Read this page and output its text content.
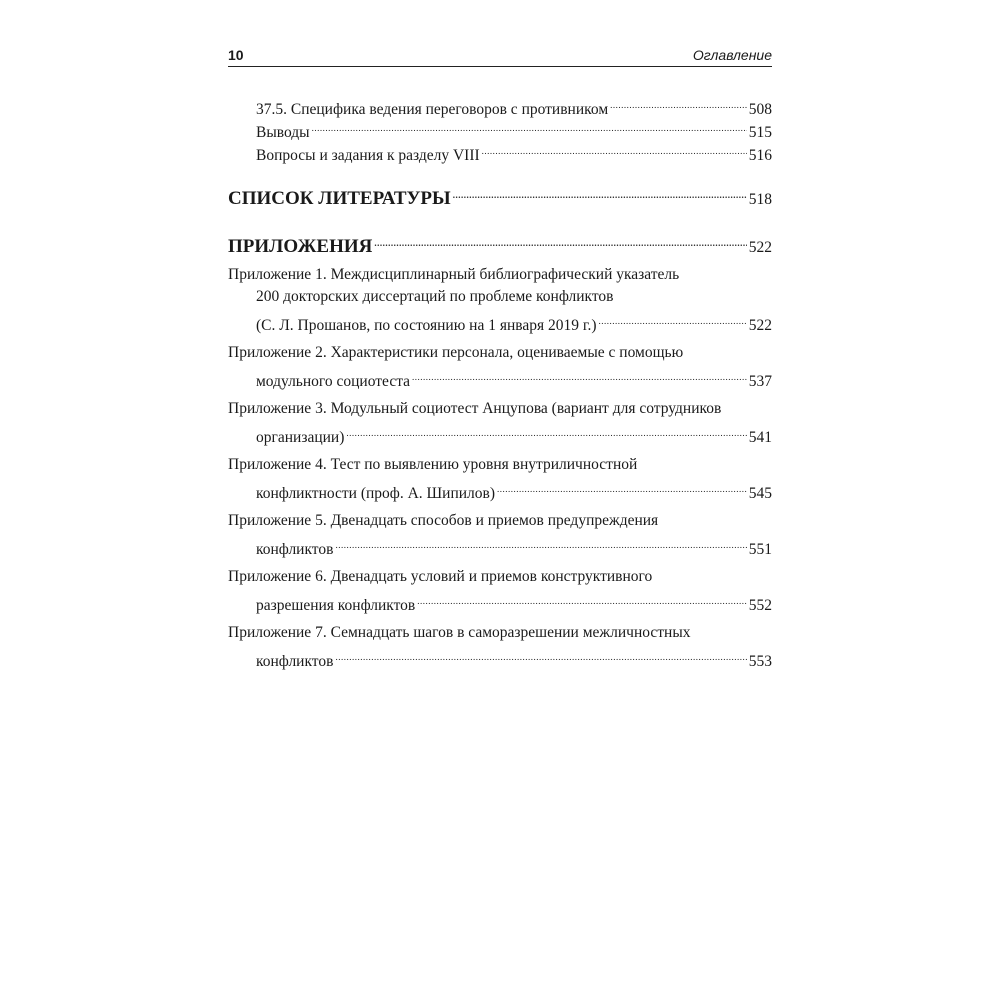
10	Оглавление
37.5. Специфика ведения переговоров с противником .....	508
Выводы .....	515
Вопросы и задания к разделу VIII .....	516
СПИСОК ЛИТЕРАТУРЫ .....	518
ПРИЛОЖЕНИЯ .....	522
Приложение 1. Междисциплинарный библиографический указатель
200 докторских диссертаций по проблеме конфликтов
(С. Л. Прошанов, по состоянию на 1 января 2019 г.) .....	522
Приложение 2. Характеристики персонала, оцениваемые с помощью
модульного социотеста .....	537
Приложение 3. Модульный социотест Анцупова (вариант для сотрудников
организации) .....	541
Приложение 4. Тест по выявлению уровня внутриличностной
конфликтности (проф. А. Шипилов) .....	545
Приложение 5. Двенадцать способов и приемов предупреждения
конфликтов .....	551
Приложение 6. Двенадцать условий и приемов конструктивного
разрешения конфликтов .....	552
Приложение 7. Семнадцать шагов в саморазрешении межличностных
конфликтов .....	553
